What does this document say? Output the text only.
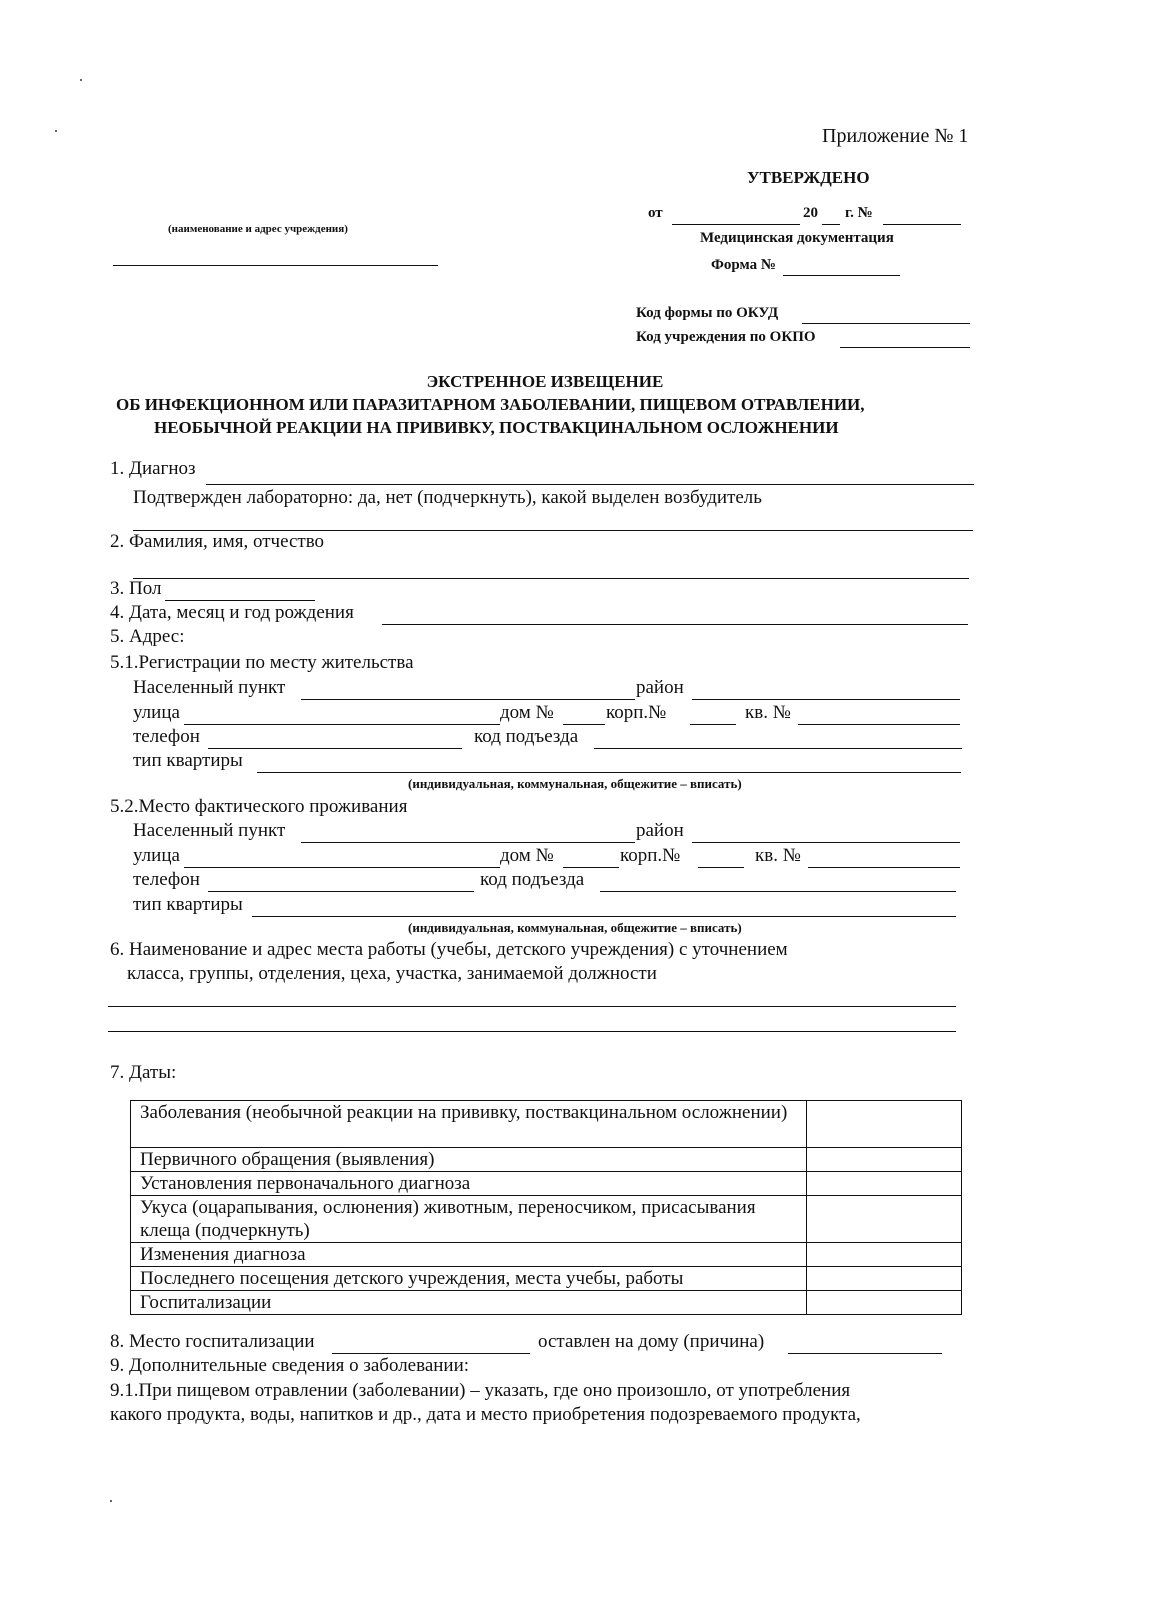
Приложение № 1
УТВЕРЖДЕНО
(наименование и адрес учреждения)
от	20 г. №
Медицинская документация
Форма №
Код формы по ОКУД
Код учреждения по ОКПО
ЭКСТРЕННОЕ ИЗВЕЩЕНИЕ
ОБ ИНФЕКЦИОННОМ ИЛИ ПАРАЗИТАРНОМ ЗАБОЛЕВАНИИ, ПИЩЕВОМ ОТРАВЛЕНИИ,
НЕОБЫЧНОЙ РЕАКЦИИ НА ПРИВИВКУ, ПОСТВАКЦИНАЛЬНОМ ОСЛОЖНЕНИИ
1. Диагноз
Подтвержден лабораторно: да, нет (подчеркнуть), какой выделен возбудитель
2. Фамилия, имя, отчество
3. Пол
4. Дата, месяц и год рождения
5. Адрес:
5.1.Регистрации по месту жительства
Населенный пункт	район
улица	дом №	корп.№	кв. №
телефон	код подъезда
тип квартиры
(индивидуальная, коммунальная, общежитие – вписать)
5.2.Место фактического проживания
Населенный пункт	район
улица	дом №	корп.№	кв. №
телефон	код подъезда
тип квартиры
(индивидуальная, коммунальная, общежитие – вписать)
6. Наименование и адрес места работы (учебы, детского учреждения) с уточнением
класса, группы, отделения, цеха, участка, занимаемой должности
7. Даты:
Заболевания (необычной реакции на прививку, поствакцинальном осложнении)	
Первичного обращения (выявления)	
Установления первоначального диагноза	
Укуса (оцарапывания, ослюнения) животным, переносчиком, присасывания клеща (подчеркнуть)	
Изменения диагноза	
Последнего посещения детского учреждения, места учебы, работы	
Госпитализации	
8. Место госпитализации	оставлен на дому (причина)
9. Дополнительные сведения о заболевании:
9.1.При пищевом отравлении (заболевании) – указать, где оно произошло, от употребления
какого продукта, воды, напитков и др., дата и место приобретения подозреваемого продукта,
